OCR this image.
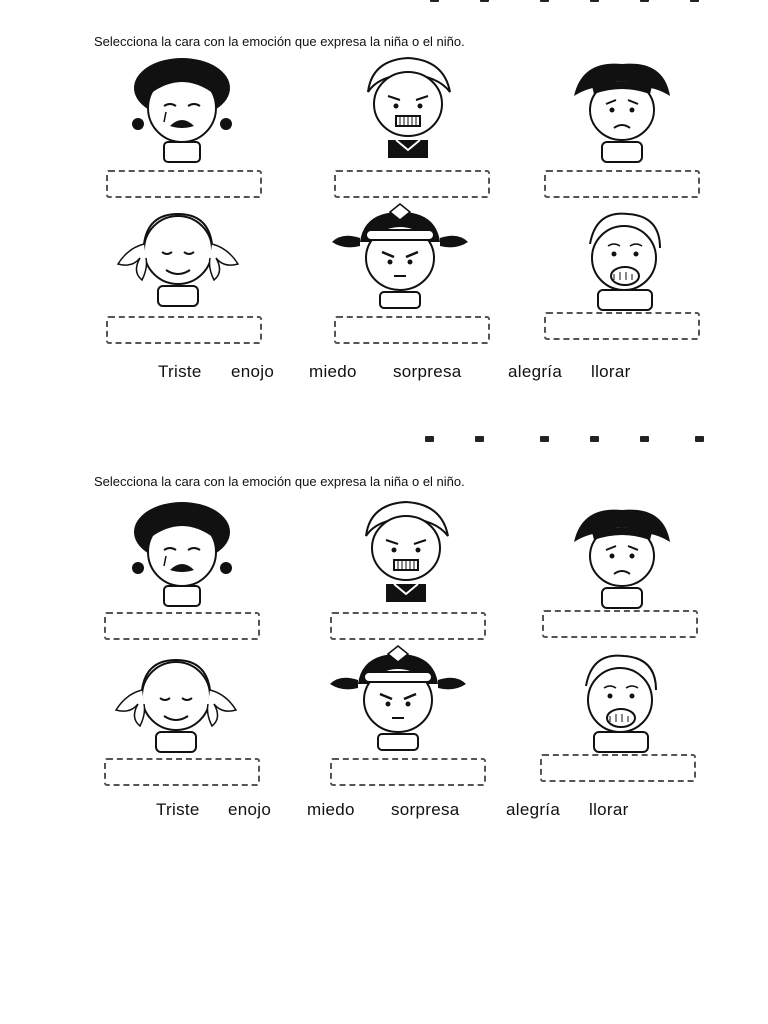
Selecciona la cara con la emoción que expresa la niña o el niño.
Triste enojo miedo sorpresa	alegría llorar
Selecciona la cara con la emoción que expresa la niña o el niño.
Triste enojo miedo sorpresa	alegría llorar
